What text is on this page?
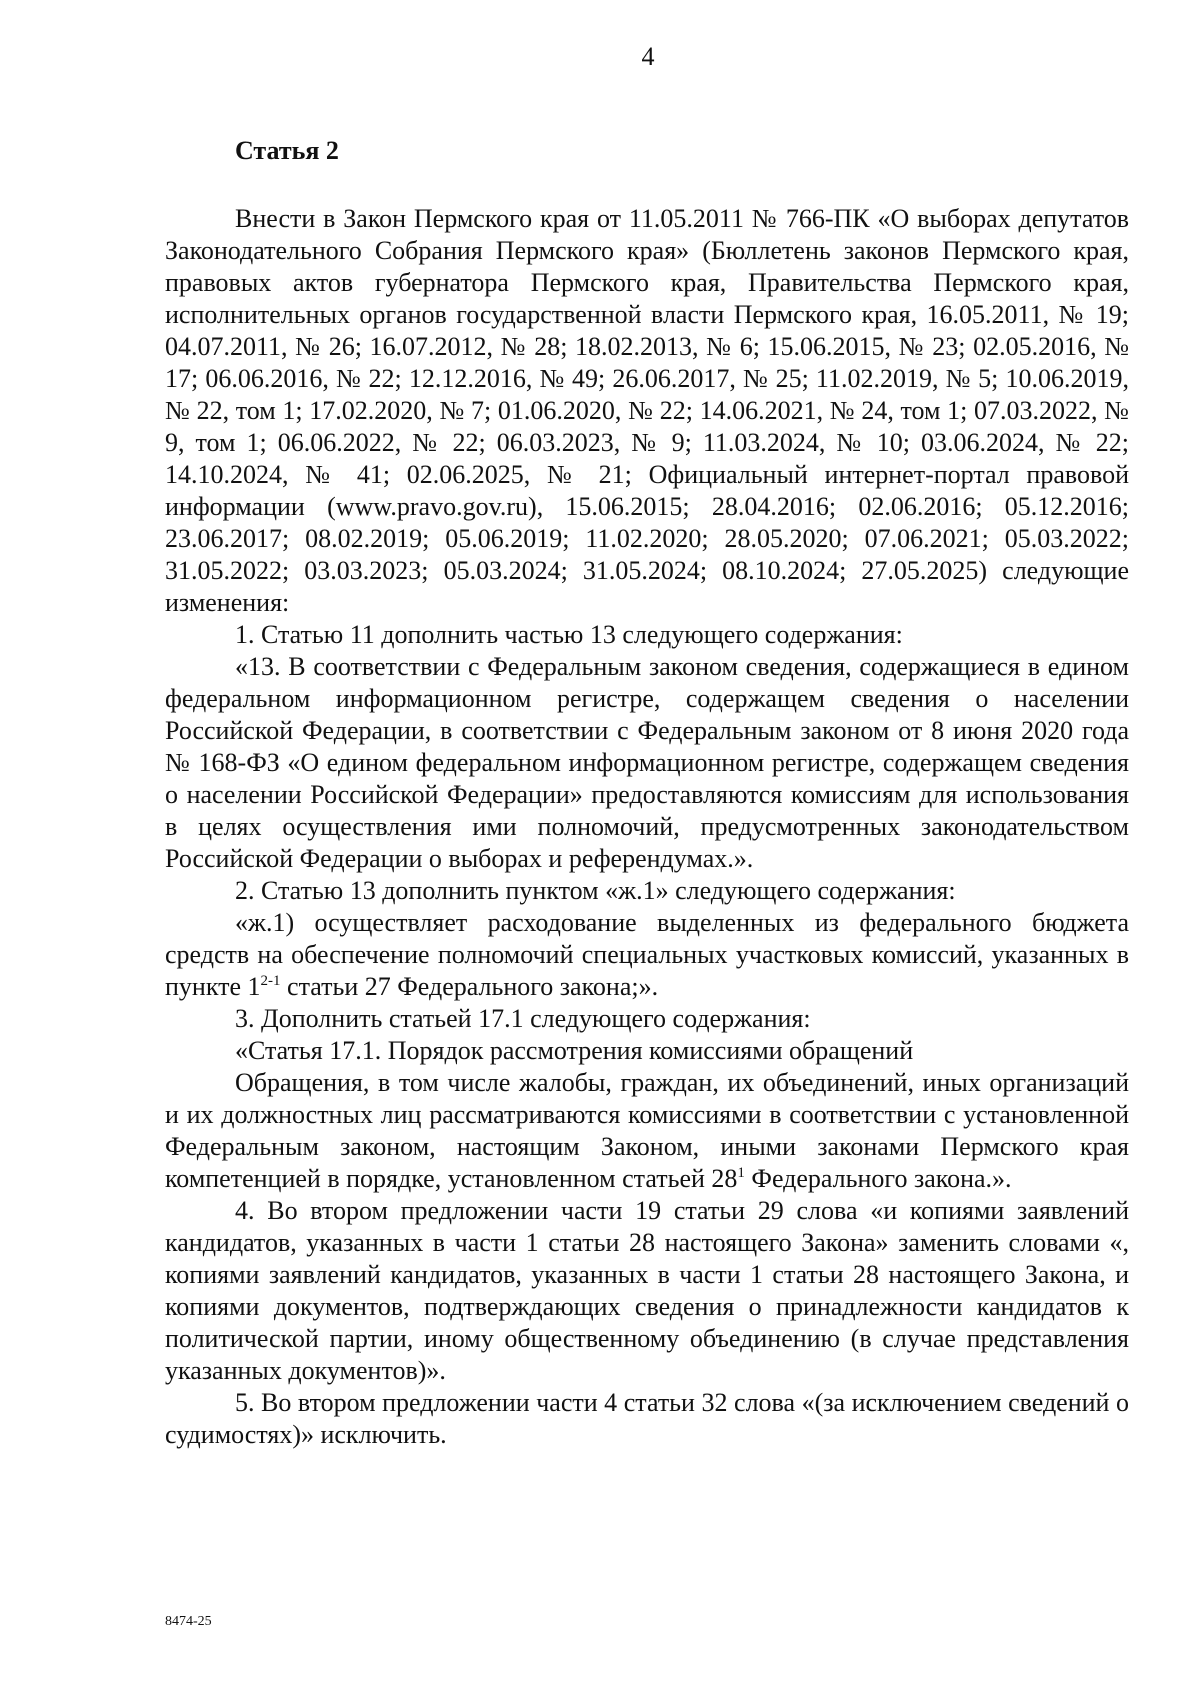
4
Статья 2

Внести в Закон Пермского края от 11.05.2011 № 766-ПК «О выборах депутатов Законодательного Собрания Пермского края» (Бюллетень законов Пермского края, правовых актов губернатора Пермского края, Правительства Пермского края, исполнительных органов государственной власти Пермского края, 16.05.2011, № 19; 04.07.2011, № 26; 16.07.2012, № 28; 18.02.2013, № 6; 15.06.2015, № 23; 02.05.2016, № 17; 06.06.2016, № 22; 12.12.2016, № 49; 26.06.2017, № 25; 11.02.2019, № 5; 10.06.2019, № 22, том 1; 17.02.2020, № 7; 01.06.2020, № 22; 14.06.2021, № 24, том 1; 07.03.2022, № 9, том 1; 06.06.2022, № 22; 06.03.2023, № 9; 11.03.2024, № 10; 03.06.2024, № 22; 14.10.2024, № 41; 02.06.2025, № 21; Официальный интернет-портал правовой информации (www.pravo.gov.ru), 15.06.2015; 28.04.2016; 02.06.2016; 05.12.2016; 23.06.2017; 08.02.2019; 05.06.2019; 11.02.2020; 28.05.2020; 07.06.2021; 05.03.2022; 31.05.2022; 03.03.2023; 05.03.2024; 31.05.2024; 08.10.2024; 27.05.2025) следующие изменения:

1. Статью 11 дополнить частью 13 следующего содержания:

«13. В соответствии с Федеральным законом сведения, содержащиеся в едином федеральном информационном регистре, содержащем сведения о населении Российской Федерации, в соответствии с Федеральным законом от 8 июня 2020 года № 168-ФЗ «О едином федеральном информационном регистре, содержащем сведения о населении Российской Федерации» предоставляются комиссиям для использования в целях осуществления ими полномочий, предусмотренных законодательством Российской Федерации о выборах и референдумах.».

2. Статью 13 дополнить пунктом «ж.1» следующего содержания:

«ж.1) осуществляет расходование выделенных из федерального бюджета средств на обеспечение полномочий специальных участковых комиссий, указанных в пункте 1$^{2-1}$ статьи 27 Федерального закона;».

3. Дополнить статьей 17.1 следующего содержания:

«Статья 17.1. Порядок рассмотрения комиссиями обращений

Обращения, в том числе жалобы, граждан, их объединений, иных организаций и их должностных лиц рассматриваются комиссиями в соответствии с установленной Федеральным законом, настоящим Законом, иными законами Пермского края компетенцией в порядке, установленном статьей $28^1$ Федерального закона.».

4. Во втором предложении части 19 статьи 29 слова «и копиями заявлений кандидатов, указанных в части 1 статьи 28 настоящего Закона» заменить словами «, копиями заявлений кандидатов, указанных в части 1 статьи 28 настоящего Закона, и копиями документов, подтверждающих сведения о принадлежности кандидатов к политической партии, иному общественному объединению (в случае представления указанных документов)».

5. Во втором предложении части 4 статьи 32 слова «(за исключением сведений о судимостях)» исключить.

8474-25
